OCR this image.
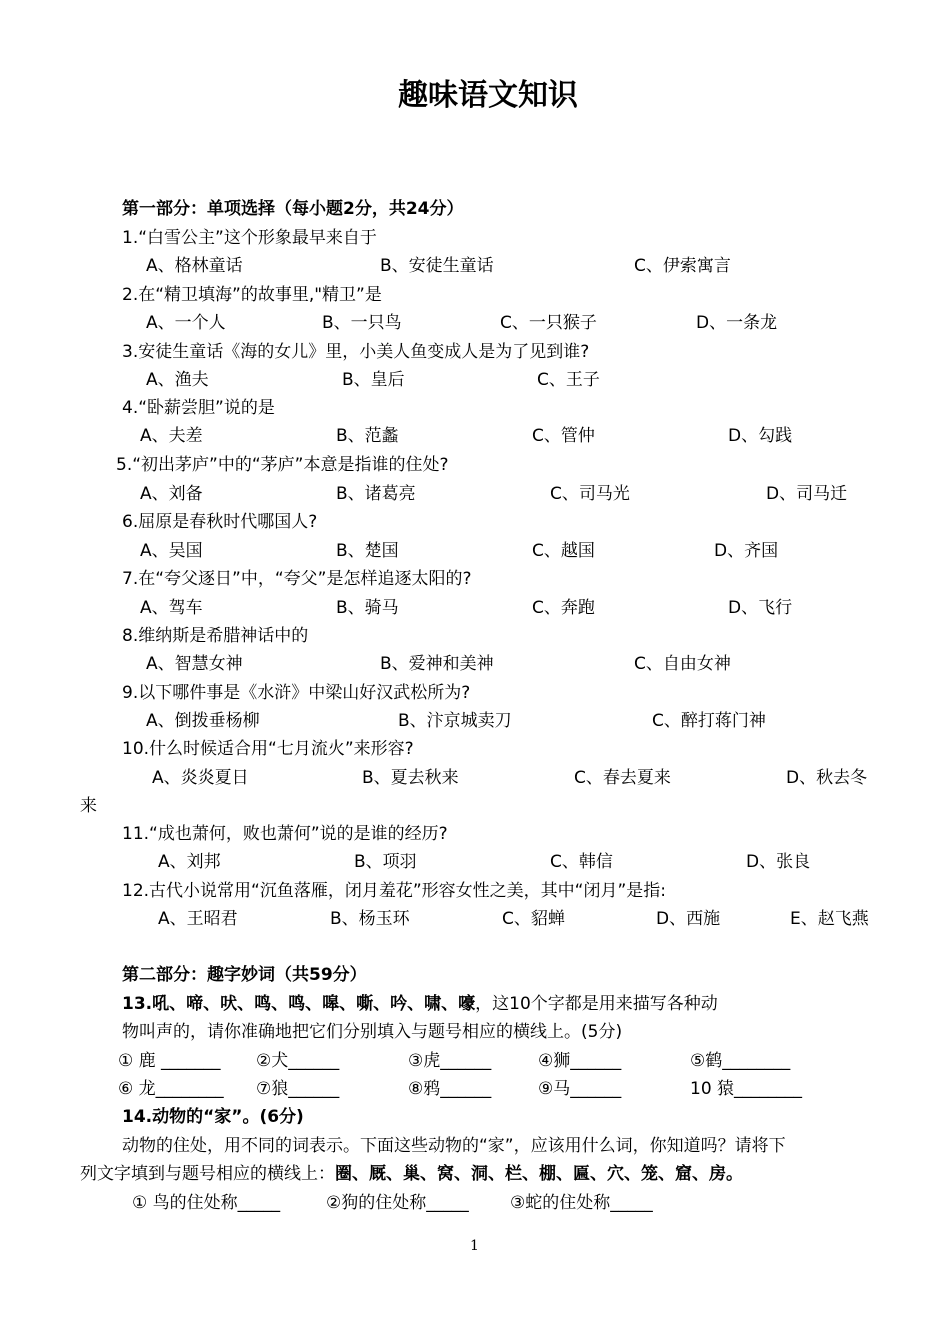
趣味语文知识
第一部分：单项选择（每小题2分，共24分）
1.“白雪公主”这个形象最早来自于
A、格林童话	B、安徒生童话	C、伊索寓言
2.在“精卫填海”的故事里,"精卫”是
A、一个人	B、一只鸟	C、一只猴子	D、一条龙
3.安徒生童话《海的女儿》里，小美人鱼变成人是为了见到谁?
A、渔夫	B、皇后	C、王子
4.“卧薪尝胆”说的是
A、夫差	B、范蠡	C、管仲	D、勾践
5.“初出茅庐”中的“茅庐”本意是指谁的住处?
A、刘备	B、诸葛亮	C、司马光	D、司马迁
6.屈原是春秋时代哪国人?
A、吴国	B、楚国	C、越国	D、齐国
7.在“夸父逐日”中，“夸父”是怎样追逐太阳的?
A、驾车	B、骑马	C、奔跑	D、飞行
8.维纳斯是希腊神话中的
A、智慧女神	B、爱神和美神	C、自由女神
9.以下哪件事是《水浒》中梁山好汉武松所为?
A、倒拨垂杨柳	B、汴京城卖刀	C、醉打蒋门神
10.什么时候适合用“七月流火”来形容?
A、炎炎夏日	B、夏去秋来	C、春去夏来	D、秋去冬
来
11.“成也萧何，败也萧何”说的是谁的经历?
A、刘邦	B、项羽	C、韩信	D、张良
12.古代小说常用“沉鱼落雁，闭月羞花”形容女性之美，其中“闭月”是指:
A、王昭君	B、杨玉环	C、貂蝉	D、西施	E、赵飞燕
第二部分：趣字妙词（共59分）
13.吼、啼、吠、鸣、鸣、嗥、嘶、吟、啸、嚎，这10个字都是用来描写各种动
物叫声的，请你准确地把它们分别填入与题号相应的横线上。(5分)
① 鹿 _______ ②犬______	③虎______	④狮______	⑤鹤________
⑥ 龙________ ⑦狼______	⑧鸦______	⑨马______	10 猿________
14.动物的“家”。(6分)
动物的住处，用不同的词表示。下面这些动物的“家”，应该用什么词，你知道吗？请将下
列文字填到与题号相应的横线上：圈、厩、巢、窝、洞、栏、棚、匾、穴、笼、窟、房。
① 鸟的住处称_____	②狗的住处称_____ ③蛇的住处称_____
1
